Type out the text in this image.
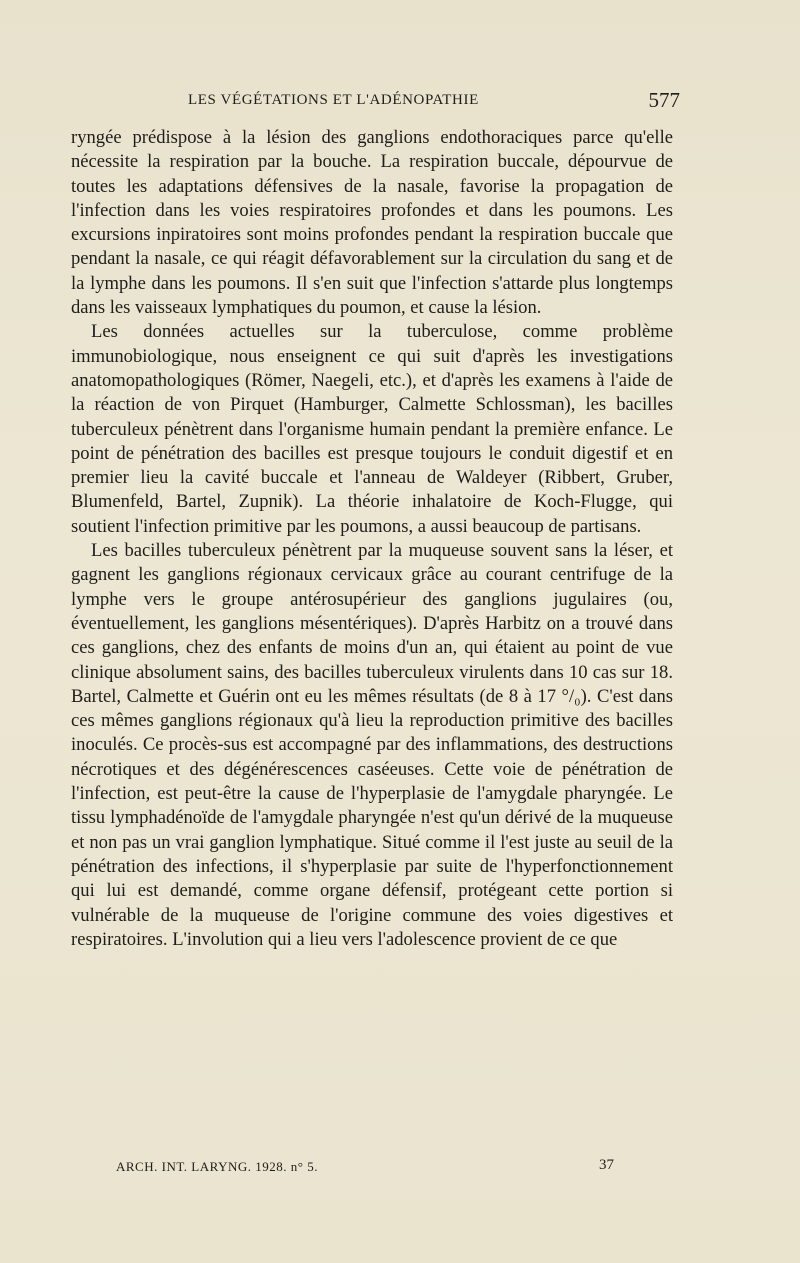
LES VÉGÉTATIONS ET L'ADÉNOPATHIE	577

ryngée prédispose à la lésion des ganglions endothoraciques parce qu'elle nécessite la respiration par la bouche. La respiration buccale, dépourvue de toutes les adaptations défensives de la nasale, favorise la propagation de l'infection dans les voies respiratoires profondes et dans les poumons. Les excursions inpiratoires sont moins profondes pendant la respiration buccale que pendant la nasale, ce qui réagit défavorablement sur la circulation du sang et de la lymphe dans les poumons. Il s'en suit que l'infection s'attarde plus longtemps dans les vaisseaux lymphatiques du poumon, et cause la lésion.

Les données actuelles sur la tuberculose, comme problème immunobiologique, nous enseignent ce qui suit d'après les investigations anatomopathologiques (Römer, Naegeli, etc.), et d'après les examens à l'aide de la réaction de von Pirquet (Hamburger, Calmette Schlossman), les bacilles tuberculeux pénètrent dans l'organisme humain pendant la première enfance. Le point de pénétration des bacilles est presque toujours le conduit digestif et en premier lieu la cavité buccale et l'anneau de Waldeyer (Ribbert, Gruber, Blumenfeld, Bartel, Zupnik). La théorie inhalatoire de Koch-Flugge, qui soutient l'infection primitive par les poumons, a aussi beaucoup de partisans.

Les bacilles tuberculeux pénètrent par la muqueuse souvent sans la léser, et gagnent les ganglions régionaux cervicaux grâce au courant centrifuge de la lymphe vers le groupe antérosupérieur des ganglions jugulaires (ou, éventuellement, les ganglions mésentériques). D'après Harbitz on a trouvé dans ces ganglions, chez des enfants de moins d'un an, qui étaient au point de vue clinique absolument sains, des bacilles tuberculeux virulents dans 10 cas sur 18. Bartel, Calmette et Guérin ont eu les mêmes résultats (de 8 à 17 °/₀). C'est dans ces mêmes ganglions régionaux qu'à lieu la reproduction primitive des bacilles inoculés. Ce procès-sus est accompagné par des inflammations, des destructions nécrotiques et des dégénérescences caséeuses. Cette voie de pénétration de l'infection, est peut-être la cause de l'hyperplasie de l'amygdale pharyngée. Le tissu lymphadénoïde de l'amygdale pharyngée n'est qu'un dérivé de la muqueuse et non pas un vrai ganglion lymphatique. Situé comme il l'est juste au seuil de la pénétration des infections, il s'hyperplasie par suite de l'hyperfonctionnement qui lui est demandé, comme organe défensif, protégeant cette portion si vulnérable de la muqueuse de l'origine commune des voies digestives et respiratoires. L'involution qui a lieu vers l'adolescence provient de ce que

ARCH. INT. LARYNG. 1928. n° 5.	37
